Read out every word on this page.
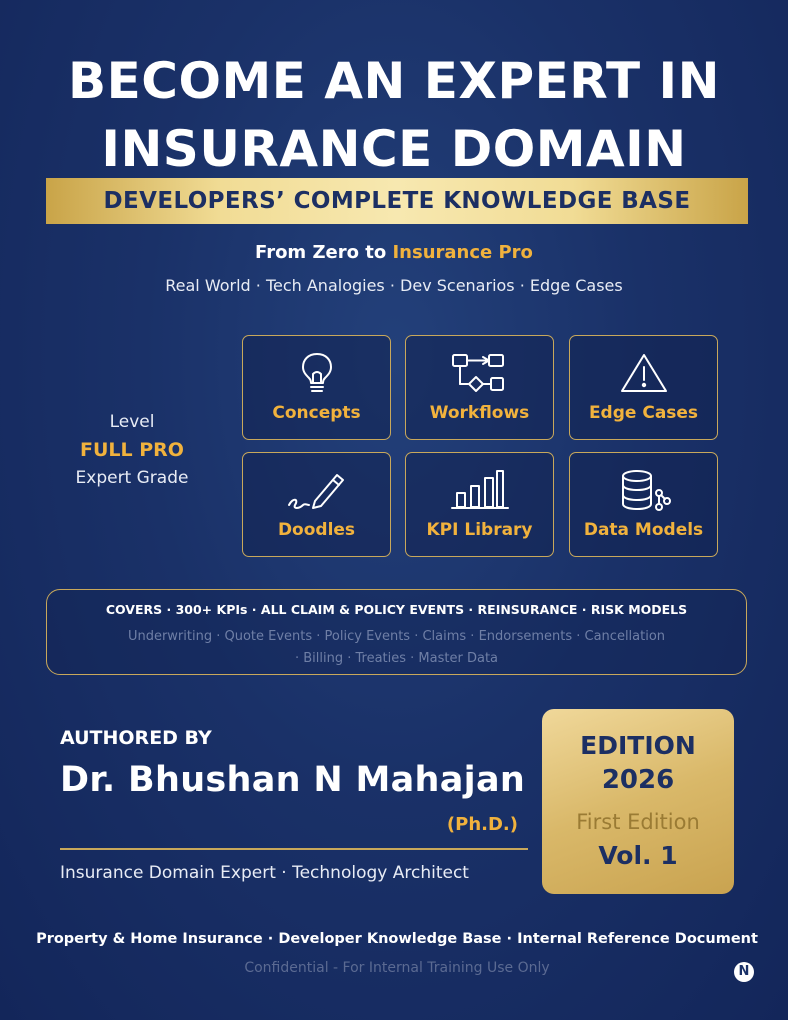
BECOME AN EXPERT IN
INSURANCE DOMAIN
DEVELOPERS’ COMPLETE KNOWLEDGE BASE
From Zero to Insurance Pro
Real World · Tech Analogies · Dev Scenarios · Edge Cases
Level
FULL PRO
Expert Grade
Concepts	Workflows	Edge Cases
Doodles	KPI Library	Data Models
COVERS · 300+ KPIs · ALL CLAIM & POLICY EVENTS · REINSURANCE · RISK MODELS
Underwriting · Quote Events · Policy Events · Claims · Endorsements · Cancellation
· Billing · Treaties · Master Data
AUTHORED BY
Dr. Bhushan N Mahajan
(Ph.D.)
Insurance Domain Expert · Technology Architect
EDITION
2026
First Edition
Vol. 1
Property & Home Insurance · Developer Knowledge Base · Internal Reference Document
Confidential - For Internal Training Use Only	N
